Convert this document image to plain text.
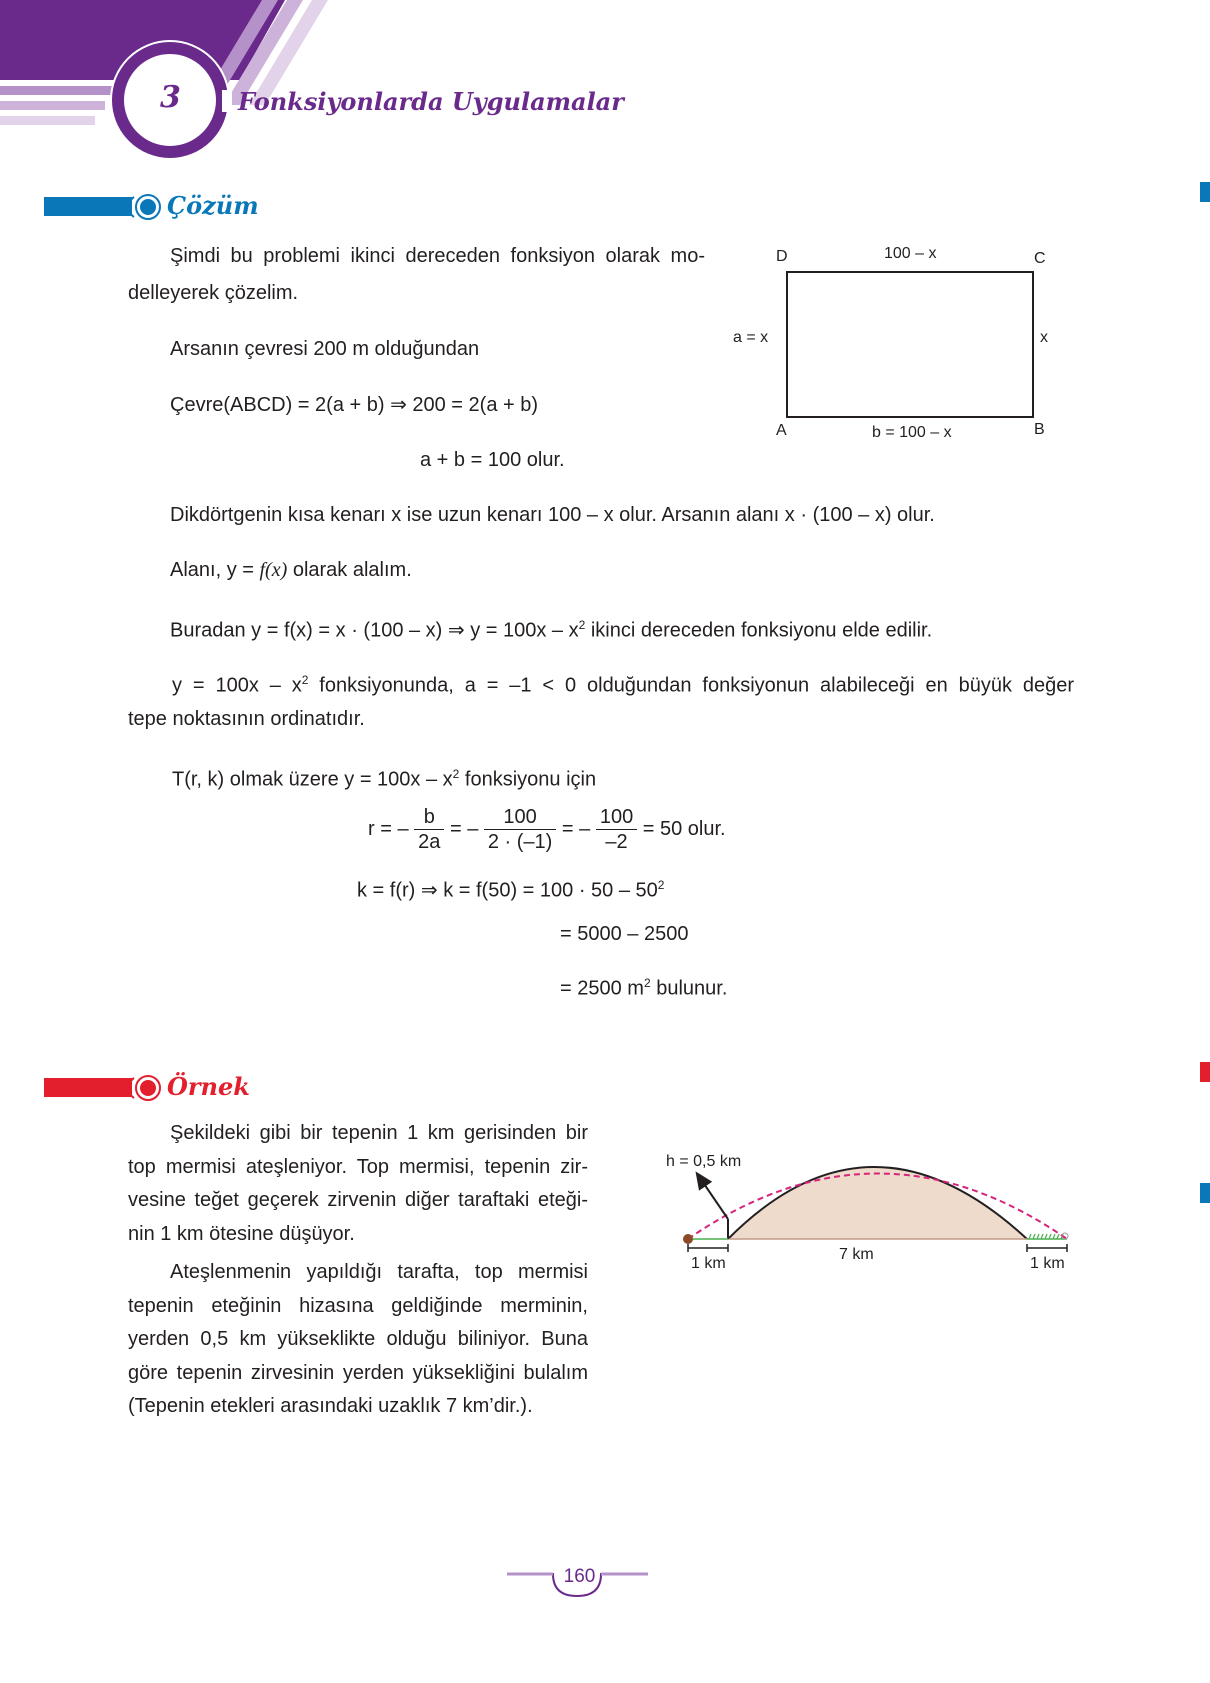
3 Fonksiyonlarda Uygulamalar
Çözüm
Şimdi bu problemi ikinci dereceden fonksiyon olarak mo-
delleyerek çözelim.
Arsanın çevresi 200 m olduğundan
Çevre(ABCD) = 2(a + b) ⇒ 200 = 2(a + b)
a + b = 100 olur.
D	C
A	B
100 – x
a = x	x
b = 100 – x
Dikdörtgenin kısa kenarı x ise uzun kenarı 100 – x olur. Arsanın alanı x · (100 – x) olur.
Alanı, y = f(x) olarak alalım.
Buradan y = f(x) = x · (100 – x) ⇒ $y = 100x - x^2$ ikinci dereceden fonksiyonu elde edilir.
$y = 100x - x^2$ fonksiyonunda, a = –1 < 0 olduğundan fonksiyonun alabileceği en büyük değer
tepe noktasının ordinatıdır.
T(r, k) olmak üzere $y = 100x - x^2$ fonksiyonu için
r = – $\frac{b}{2a}$ = – $\frac{100}{2 \cdot (-1)}$ = – $\frac{100}{-2} = 50$ olur.
k = f(r) ⇒ $k = f(50) = 100 \cdot 50 - 50^2$
= 5000 – 2500
= 2500 $m^2$ bulunur.
Örnek
Şekildeki gibi bir tepenin 1 km gerisinden bir
top mermisi ateşleniyor. Top mermisi, tepenin zir-
vesine teğet geçerek zirvenin diğer taraftaki eteği-
nin 1 km ötesine düşüyor.
Ateşlenmenin yapıldığı tarafta, top mermisi
tepenin eteğinin hizasına geldiğinde merminin,
yerden 0,5 km yükseklikte olduğu biliniyor. Buna
göre tepenin zirvesinin yerden yüksekliğini bulalım
(Tepenin etekleri arasındaki uzaklık 7 km’dir.).
h = 0,5 km
1 km
7 km
1 km
160
